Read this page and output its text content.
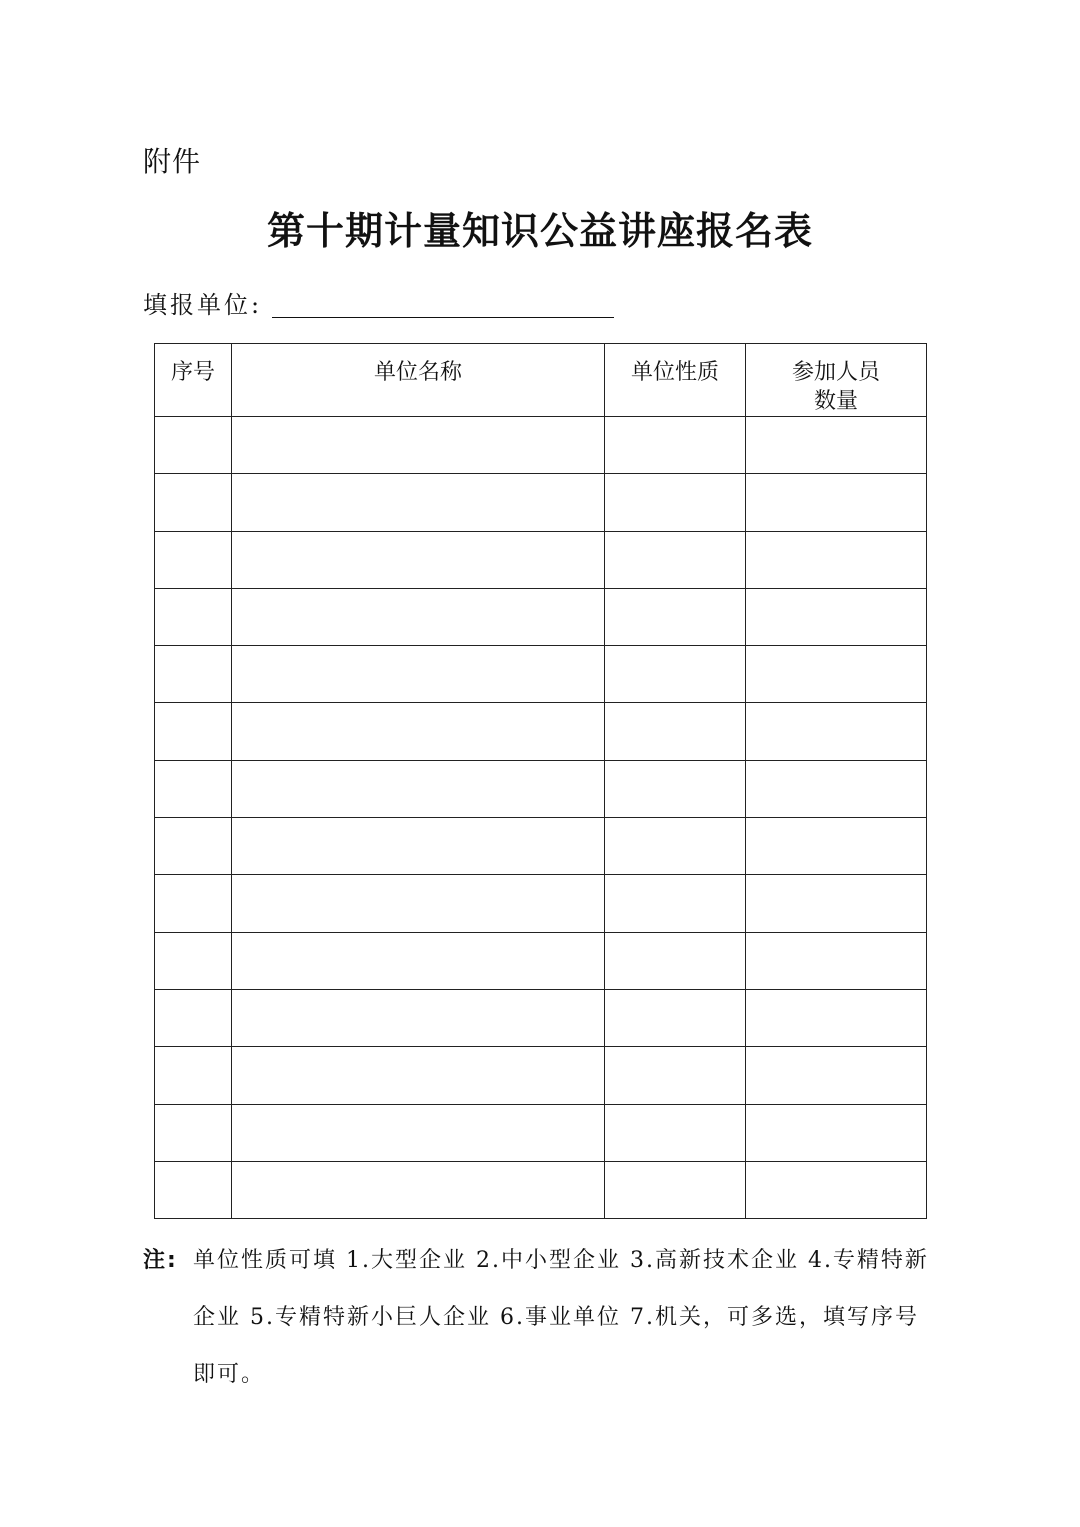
附件
第十期计量知识公益讲座报名表
填报单位:
序号	单位名称	单位性质	参加人员
数量

注: 单位性质可填 1.大型企业 2.中小型企业 3.高新技术企业 4.专精特新
企业 5.专精特新小巨人企业 6.事业单位 7.机关，可多选，填写序号
即可。
